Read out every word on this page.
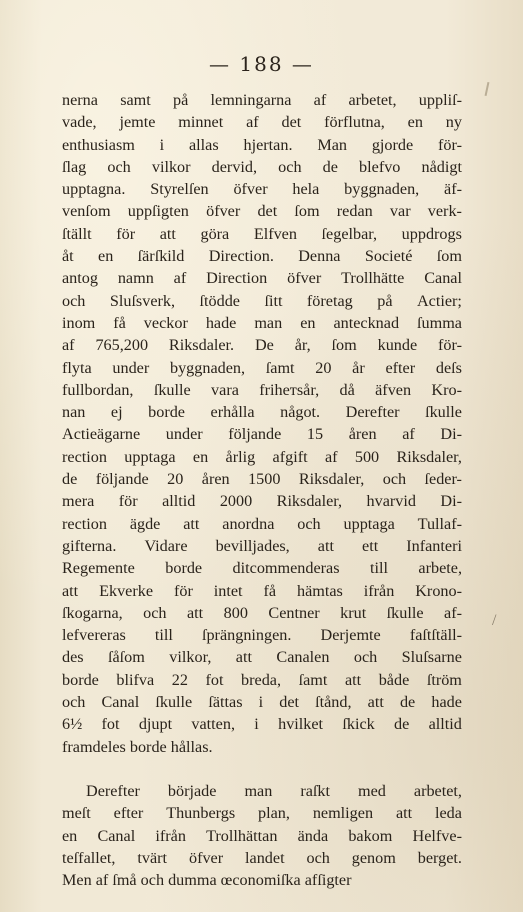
— 188 —
nerna samt på lemningarna af arbetet, uppliſ-
vade, jemte minnet af det förflutna, en ny
enthusiasm i allas hjertan. Man gjorde för-
ſlag och vilkor dervid, och de blefvo nådigt
upptagna. Styrelſen öfver hela byggnaden, äf-
venſom uppſigten öfver det ſom redan var verk-
ſtällt för att göra Elfven ſegelbar, uppdrogs
åt en ſärſkild Direction. Denna Societé ſom
antog namn af Direction öfver Trollhätte Canal
och Sluſsverk, ſtödde ſitt företag på Actier;
inom få veckor hade man en antecknad ſumma
af 765,200 Riksdaler. De år, ſom kunde för-
flyta under byggnaden, ſamt 20 år efter deſs
fullbordan, ſkulle vara friheтsår, då äfven Kro-
nan ej borde erhålla något. Derefter ſkulle
Actieägarne under följande 15 åren af Di-
rection upptaga en årlig afgift af 500 Riksdaler,
de följande 20 åren 1500 Riksdaler, och ſeder-
mera för alltid 2000 Riksdaler, hvarvid Di-
rection ägde att anordna och upptaga Tullaf-
gifterna. Vidare bevilljades, att ett Infanteri
Regemente borde ditcommenderas till arbete,
att Ekverke för intet få hämtas ifrån Krono-
ſkogarna, och att 800 Centner krut ſkulle af-
lefvereras till ſprängningen. Derjemte faſtſtäll-
des ſåſom vilkor, att Canalen och Sluſsarne
borde blifva 22 fot breda, ſamt att både ſtröm
och Canal ſkulle ſättas i det ſtånd, att de hade
6½ fot djupt vatten, i hvilket ſkick de alltid
framdeles borde hållas.
Derefter började man raſkt med arbetet,
meſt efter Thunbergs plan, nemligen att leda
en Canal ifrån Trollhättan ända bakom Helfve-
teſfallet, tvärt öfver landet och genom berget.
Men af ſmå och dumma œconomiſka afſigter
/
